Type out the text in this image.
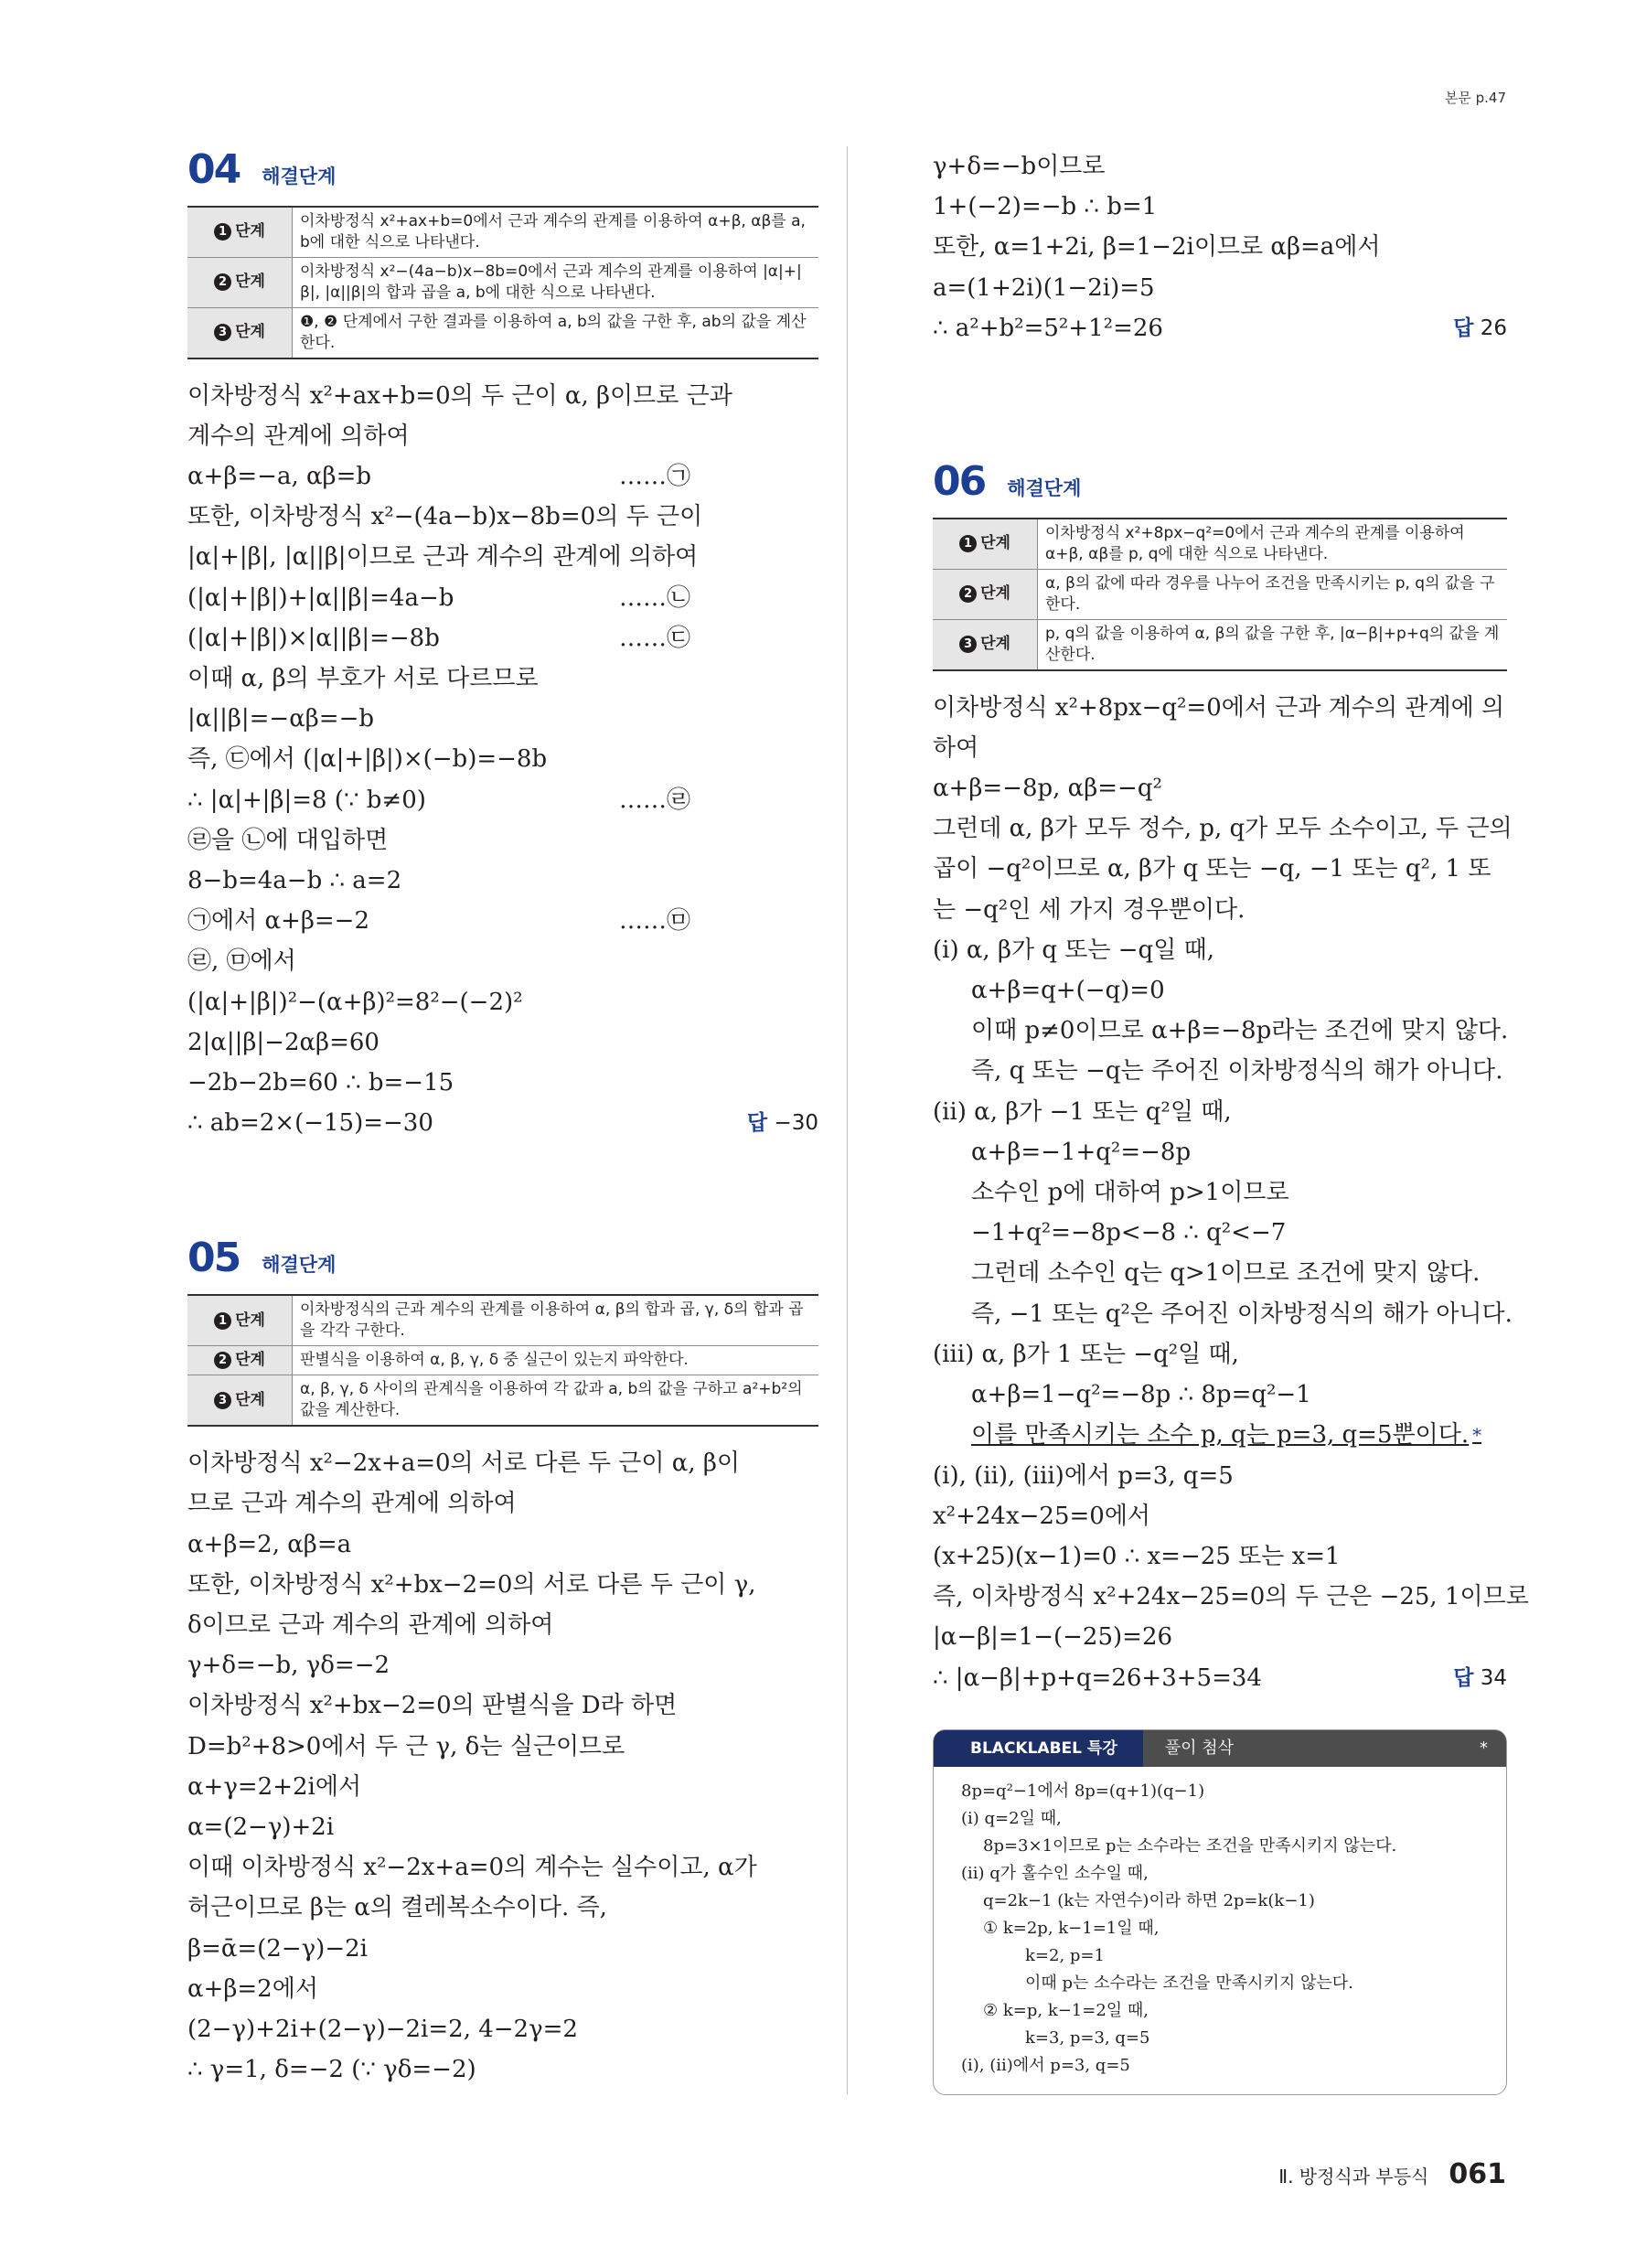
본문 p.47
04 해결단계
1 단계	이차방정식 x²+ax+b=0에서 근과 계수의 관계를 이용하여 α+β, αβ를 a, b에 대한 식으로 나타낸다.
2 단계	이차방정식 x²−(4a−b)x−8b=0에서 근과 계수의 관계를 이용하여 |α|+|β|, |α||β|의 합과 곱을 a, b에 대한 식으로 나타낸다.
3 단계	❶, ❷ 단계에서 구한 결과를 이용하여 a, b의 값을 구한 후, ab의 값을 계산한다.
이차방정식 x²+ax+b=0의 두 근이 α, β이므로 근과
계수의 관계에 의하여
α+β=−a, αβ=b	……㉠
또한, 이차방정식 x²−(4a−b)x−8b=0의 두 근이
|α|+|β|, |α||β|이므로 근과 계수의 관계에 의하여
(|α|+|β|)+|α||β|=4a−b	……㉡
(|α|+|β|)×|α||β|=−8b	……㉢
이때 α, β의 부호가 서로 다르므로
|α||β|=−αβ=−b
즉, ㉢에서 (|α|+|β|)×(−b)=−8b
∴ |α|+|β|=8 (∵ b≠0)	……㉣
㉣을 ㉡에 대입하면
8−b=4a−b ∴ a=2
㉠에서 α+β=−2	……㉤
㉣, ㉤에서
(|α|+|β|)²−(α+β)²=8²−(−2)²
2|α||β|−2αβ=60
−2b−2b=60 ∴ b=−15
∴ ab=2×(−15)=−30	답 −30
05 해결단계
1 단계	이차방정식의 근과 계수의 관계를 이용하여 α, β의 합과 곱, γ, δ의 합과 곱을 각각 구한다.
2 단계	판별식을 이용하여 α, β, γ, δ 중 실근이 있는지 파악한다.
3 단계	α, β, γ, δ 사이의 관계식을 이용하여 각 값과 a, b의 값을 구하고 a²+b²의 값을 계산한다.
이차방정식 x²−2x+a=0의 서로 다른 두 근이 α, β이
므로 근과 계수의 관계에 의하여
α+β=2, αβ=a
또한, 이차방정식 x²+bx−2=0의 서로 다른 두 근이 γ,
δ이므로 근과 계수의 관계에 의하여
γ+δ=−b, γδ=−2
이차방정식 x²+bx−2=0의 판별식을 D라 하면
D=b²+8>0에서 두 근 γ, δ는 실근이므로
α+γ=2+2i에서
α=(2−γ)+2i
이때 이차방정식 x²−2x+a=0의 계수는 실수이고, α가
허근이므로 β는 α의 켤레복소수이다. 즉,
β=ᾱ=(2−γ)−2i
α+β=2에서
(2−γ)+2i+(2−γ)−2i=2, 4−2γ=2
∴ γ=1, δ=−2 (∵ γδ=−2)
γ+δ=−b이므로
1+(−2)=−b ∴ b=1
또한, α=1+2i, β=1−2i이므로 αβ=a에서
a=(1+2i)(1−2i)=5
∴ a²+b²=5²+1²=26	답 26
06 해결단계
1 단계	이차방정식 x²+8px−q²=0에서 근과 계수의 관계를 이용하여 α+β, αβ를 p, q에 대한 식으로 나타낸다.
2 단계	α, β의 값에 따라 경우를 나누어 조건을 만족시키는 p, q의 값을 구한다.
3 단계	p, q의 값을 이용하여 α, β의 값을 구한 후, |α−β|+p+q의 값을 계산한다.
이차방정식 x²+8px−q²=0에서 근과 계수의 관계에 의
하여
α+β=−8p, αβ=−q²
그런데 α, β가 모두 정수, p, q가 모두 소수이고, 두 근의
곱이 −q²이므로 α, β가 q 또는 −q, −1 또는 q², 1 또
는 −q²인 세 가지 경우뿐이다.
(ⅰ) α, β가 q 또는 −q일 때,
α+β=q+(−q)=0
이때 p≠0이므로 α+β=−8p라는 조건에 맞지 않다.
즉, q 또는 −q는 주어진 이차방정식의 해가 아니다.
(ⅱ) α, β가 −1 또는 q²일 때,
α+β=−1+q²=−8p
소수인 p에 대하여 p>1이므로
−1+q²=−8p<−8 ∴ q²<−7
그런데 소수인 q는 q>1이므로 조건에 맞지 않다.
즉, −1 또는 q²은 주어진 이차방정식의 해가 아니다.
(ⅲ) α, β가 1 또는 −q²일 때,
α+β=1−q²=−8p ∴ 8p=q²−1
이를 만족시키는 소수 p, q는 p=3, q=5뿐이다. *
(ⅰ), (ⅱ), (ⅲ)에서 p=3, q=5
x²+24x−25=0에서
(x+25)(x−1)=0 ∴ x=−25 또는 x=1
즉, 이차방정식 x²+24x−25=0의 두 근은 −25, 1이므로
|α−β|=1−(−25)=26
∴ |α−β|+p+q=26+3+5=34	답 34
BLACKLABEL 특강	풀이 첨삭	*
8p=q²−1에서 8p=(q+1)(q−1)
(ⅰ) q=2일 때,
8p=3×1이므로 p는 소수라는 조건을 만족시키지 않는다.
(ⅱ) q가 홀수인 소수일 때,
q=2k−1 (k는 자연수)이라 하면 2p=k(k−1)
① k=2p, k−1=1일 때,
k=2, p=1
이때 p는 소수라는 조건을 만족시키지 않는다.
② k=p, k−1=2일 때,
k=3, p=3, q=5
(ⅰ), (ⅱ)에서 p=3, q=5
Ⅱ. 방정식과 부등식 061
